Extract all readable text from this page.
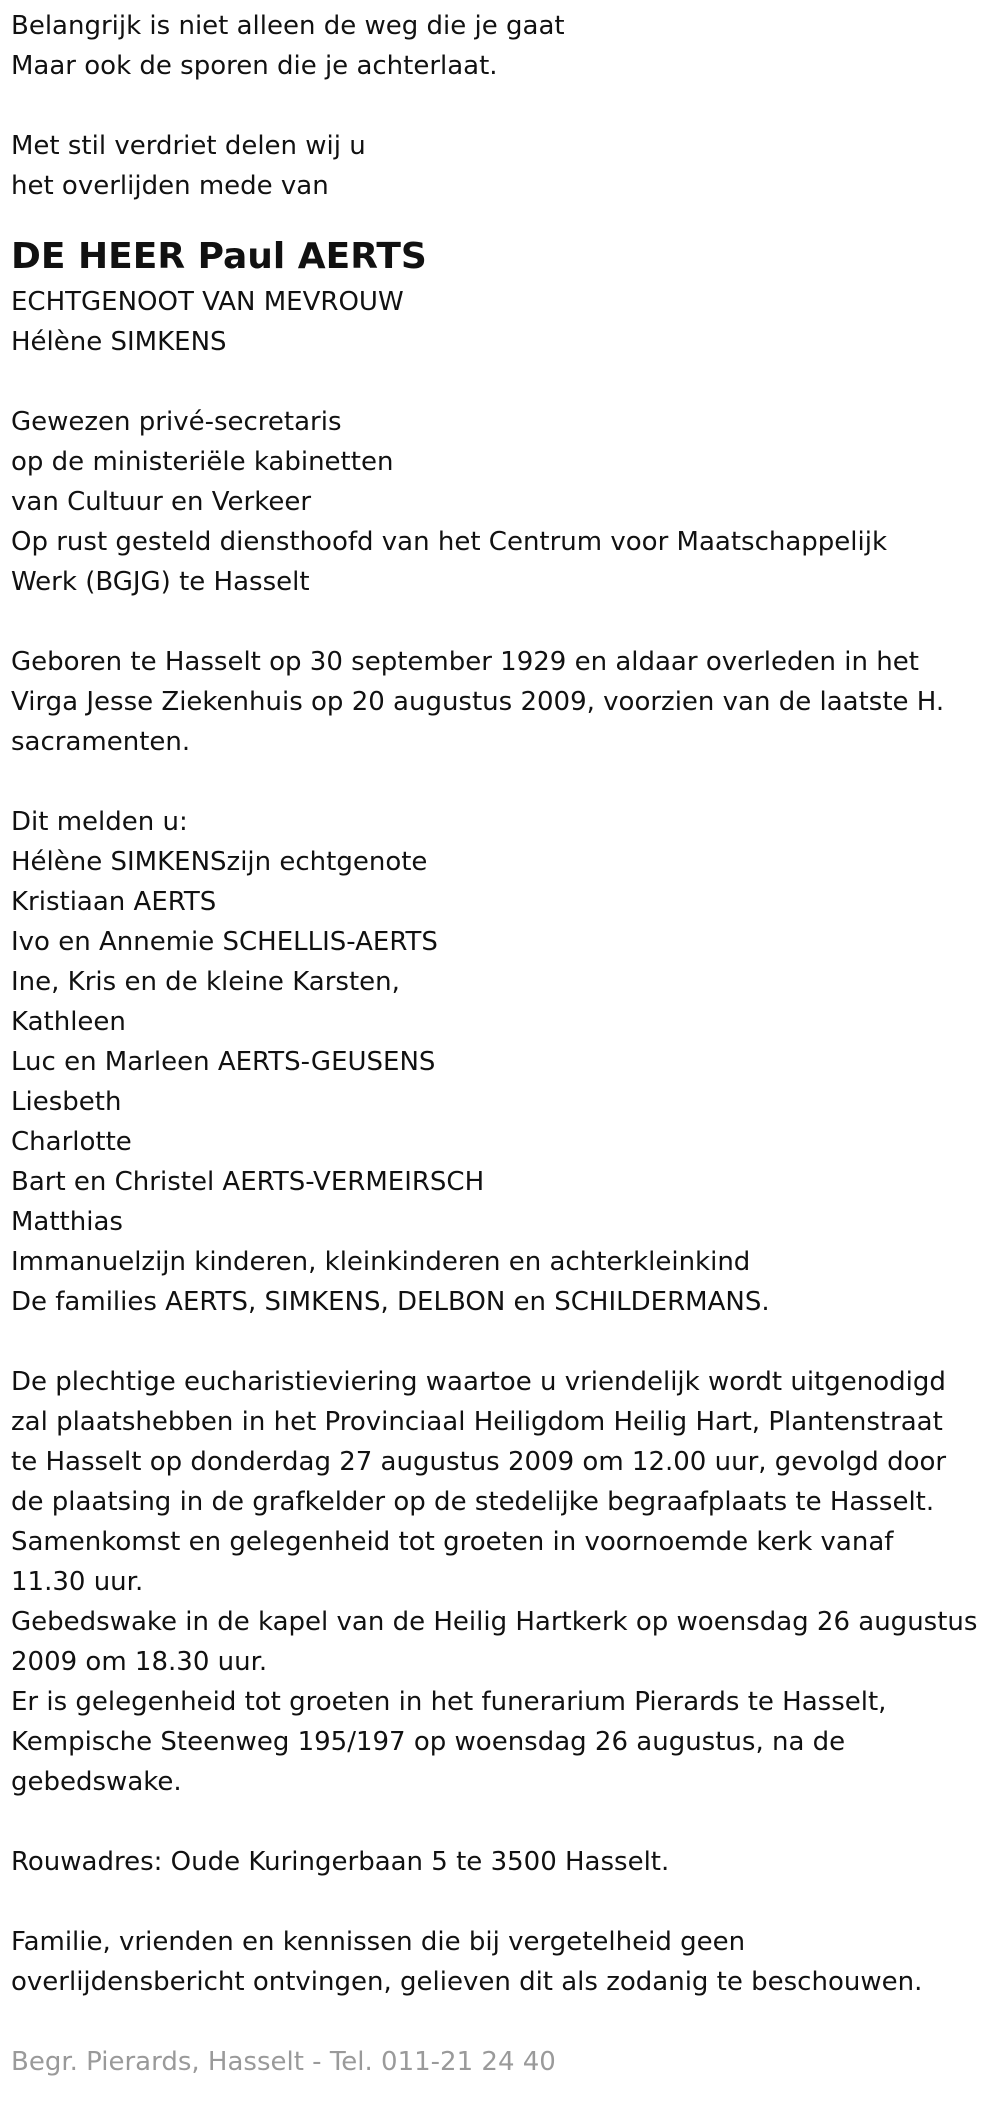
Belangrijk is niet alleen de weg die je gaat
Maar ook de sporen die je achterlaat.
Met stil verdriet delen wij u
het overlijden mede van
DE HEER Paul AERTS
ECHTGENOOT VAN MEVROUW
Hélène SIMKENS
Gewezen privé-secretaris
op de ministeriële kabinetten
van Cultuur en Verkeer
Op rust gesteld diensthoofd van het Centrum voor Maatschappelijk
Werk (BGJG) te Hasselt
Geboren te Hasselt op 30 september 1929 en aldaar overleden in het
Virga Jesse Ziekenhuis op 20 augustus 2009, voorzien van de laatste H.
sacramenten.
Dit melden u:
Hélène SIMKENSzijn echtgenote
Kristiaan AERTS
Ivo en Annemie SCHELLIS-AERTS
Ine, Kris en de kleine Karsten,
Kathleen
Luc en Marleen AERTS-GEUSENS
Liesbeth
Charlotte
Bart en Christel AERTS-VERMEIRSCH
Matthias
Immanuelzijn kinderen, kleinkinderen en achterkleinkind
De families AERTS, SIMKENS, DELBON en SCHILDERMANS.
De plechtige eucharistieviering waartoe u vriendelijk wordt uitgenodigd
zal plaatshebben in het Provinciaal Heiligdom Heilig Hart, Plantenstraat
te Hasselt op donderdag 27 augustus 2009 om 12.00 uur, gevolgd door
de plaatsing in de grafkelder op de stedelijke begraafplaats te Hasselt.
Samenkomst en gelegenheid tot groeten in voornoemde kerk vanaf
11.30 uur.
Gebedswake in de kapel van de Heilig Hartkerk op woensdag 26 augustus
2009 om 18.30 uur.
Er is gelegenheid tot groeten in het funerarium Pierards te Hasselt,
Kempische Steenweg 195/197 op woensdag 26 augustus, na de
gebedswake.
Rouwadres: Oude Kuringerbaan 5 te 3500 Hasselt.
Familie, vrienden en kennissen die bij vergetelheid geen
overlijdensbericht ontvingen, gelieven dit als zodanig te beschouwen.
Begr. Pierards, Hasselt - Tel. 011-21 24 40
